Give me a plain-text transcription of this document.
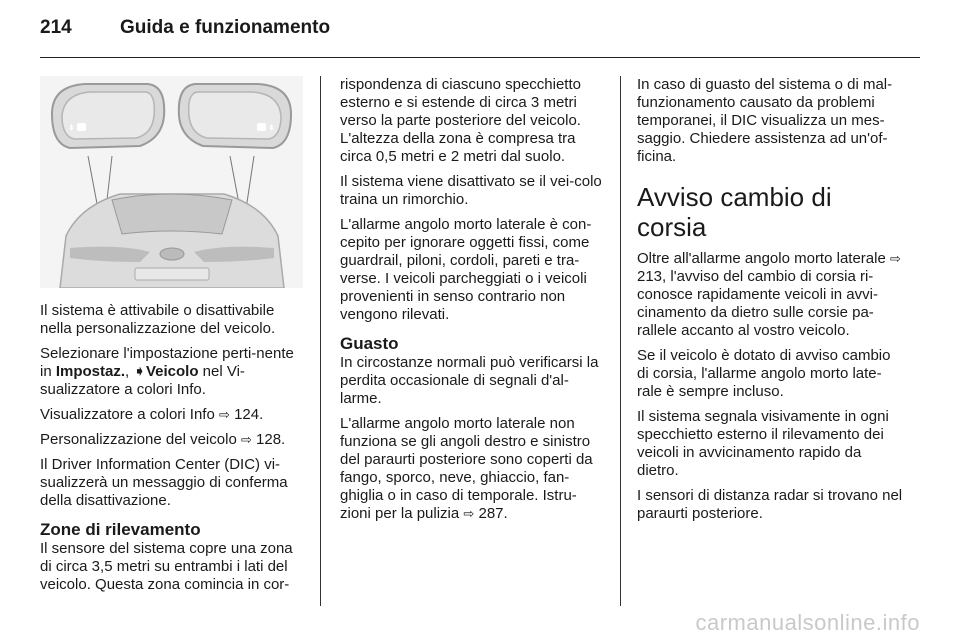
214	Guida e funzionamento

Il sistema è attivabile o disattivabile nella personalizzazione del veicolo.

Selezionare l'impostazione perti-nente in Impostaz., ➧Veicolo nel Vi-sualizzatore a colori Info.

Visualizzatore a colori Info ⇨ 124.

Personalizzazione del veicolo ⇨ 128.

Il Driver Information Center (DIC) vi-sualizzerà un messaggio di conferma della disattivazione.

Zone di rilevamento

Il sensore del sistema copre una zona di circa 3,5 metri su entrambi i lati del veicolo. Questa zona comincia in cor-

rispondenza di ciascuno specchietto esterno e si estende di circa 3 metri verso la parte posteriore del veicolo. L'altezza della zona è compresa tra circa 0,5 metri e 2 metri dal suolo.

Il sistema viene disattivato se il vei-colo traina un rimorchio.

L'allarme angolo morto laterale è con-cepito per ignorare oggetti fissi, come guardrail, piloni, cordoli, pareti e tra-verse. I veicoli parcheggiati o i veicoli provenienti in senso contrario non vengono rilevati.

Guasto

In circostanze normali può verificarsi la perdita occasionale di segnali d'al-larme.

L'allarme angolo morto laterale non funziona se gli angoli destro e sinistro del paraurti posteriore sono coperti da fango, sporco, neve, ghiaccio, fan-ghiglia o in caso di temporale. Istru-zioni per la pulizia ⇨ 287.

In caso di guasto del sistema o di mal-funzionamento causato da problemi temporanei, il DIC visualizza un mes-saggio. Chiedere assistenza ad un'of-ficina.

Avviso cambio di corsia

Oltre all'allarme angolo morto laterale ⇨ 213, l'avviso del cambio di corsia ri-conosce rapidamente veicoli in avvi-cinamento da dietro sulle corsie pa-rallele accanto al vostro veicolo.

Se il veicolo è dotato di avviso cambio di corsia, l'allarme angolo morto late-rale è sempre incluso.

Il sistema segnala visivamente in ogni specchietto esterno il rilevamento dei veicoli in avvicinamento rapido da dietro.

I sensori di distanza radar si trovano nel paraurti posteriore.

carmanualsonline.info
